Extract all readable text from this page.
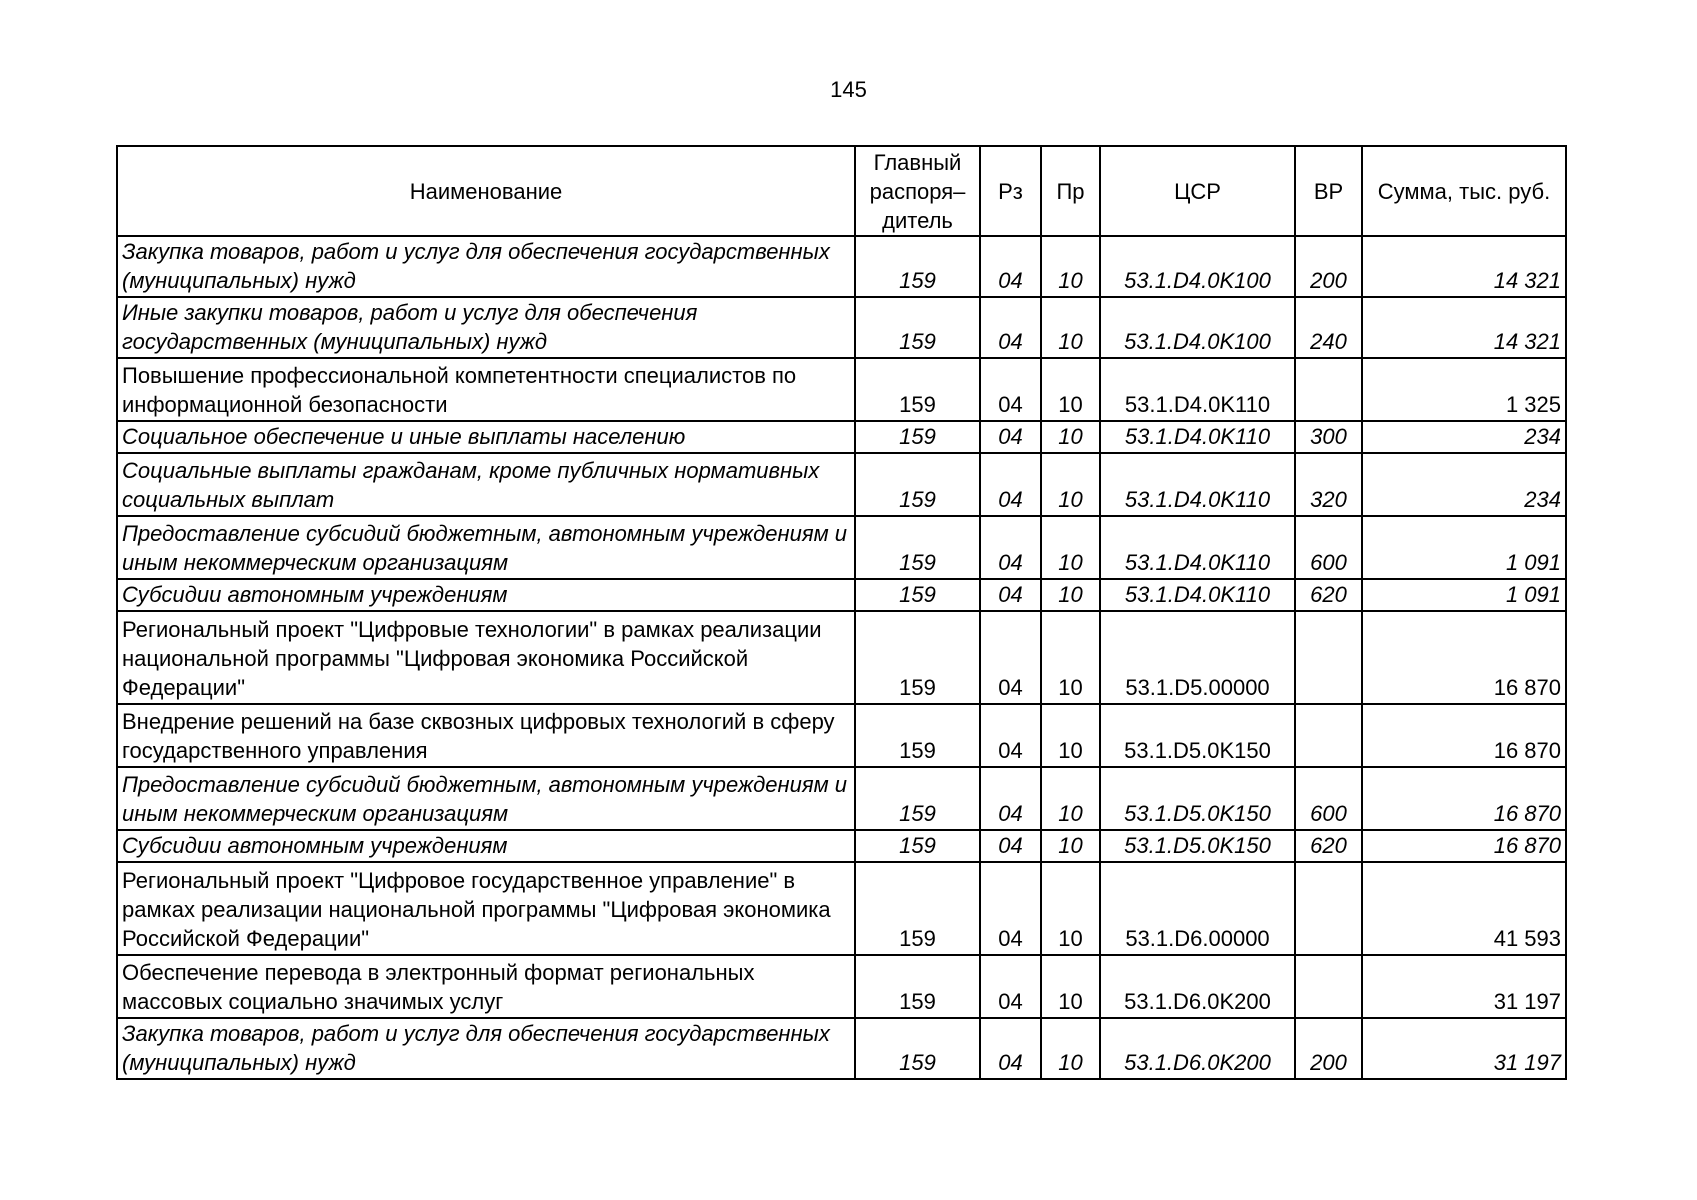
145
Наименование	Главный распоря–дитель	Рз	Пр	ЦСР	ВР	Сумма, тыс. руб.
Закупка товаров, работ и услуг для обеспечения государственных (муниципальных) нужд	159	04	10	53.1.D4.0K100	200	14 321
Иные закупки товаров, работ и услуг для обеспечения государственных (муниципальных) нужд	159	04	10	53.1.D4.0K100	240	14 321
Повышение профессиональной компетентности специалистов по информационной безопасности	159	04	10	53.1.D4.0K110		1 325
Социальное обеспечение и иные выплаты населению	159	04	10	53.1.D4.0K110	300	234
Социальные выплаты гражданам, кроме публичных нормативных социальных выплат	159	04	10	53.1.D4.0K110	320	234
Предоставление субсидий бюджетным, автономным учреждениям и иным некоммерческим организациям	159	04	10	53.1.D4.0K110	600	1 091
Субсидии автономным учреждениям	159	04	10	53.1.D4.0K110	620	1 091
Региональный проект "Цифровые технологии" в рамках реализации национальной программы "Цифровая экономика Российской Федерации"	159	04	10	53.1.D5.00000		16 870
Внедрение решений на базе сквозных цифровых технологий в сферу государственного управления	159	04	10	53.1.D5.0K150		16 870
Предоставление субсидий бюджетным, автономным учреждениям и иным некоммерческим организациям	159	04	10	53.1.D5.0K150	600	16 870
Субсидии автономным учреждениям	159	04	10	53.1.D5.0K150	620	16 870
Региональный проект "Цифровое государственное управление" в рамках реализации национальной программы "Цифровая экономика Российской Федерации"	159	04	10	53.1.D6.00000		41 593
Обеспечение перевода в электронный формат региональных массовых социально значимых услуг	159	04	10	53.1.D6.0K200		31 197
Закупка товаров, работ и услуг для обеспечения государственных (муниципальных) нужд	159	04	10	53.1.D6.0K200	200	31 197
